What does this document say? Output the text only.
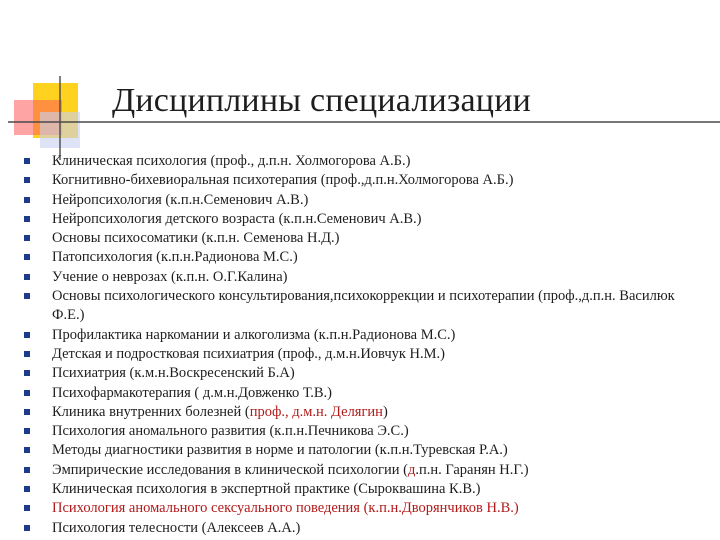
Дисциплины специализации
Клиническая психология (проф., д.п.н. Холмогорова А.Б.)
Когнитивно-бихевиоральная психотерапия (проф.,д.п.н.Холмогорова А.Б.)
Нейропсихология (к.п.н.Семенович А.В.)
Нейропсихология детского возраста (к.п.н.Семенович А.В.)
Основы психосоматики (к.п.н. Семенова Н.Д.)
Патопсихология (к.п.н.Радионова М.С.)
Учение о неврозах (к.п.н. О.Г.Калина)
Основы психологического консультирования,психокоррекции и психотерапии (проф.,д.п.н. Василюк Ф.Е.)
Профилактика наркомании и алкоголизма (к.п.н.Радионова М.С.)
Детская и подростковая психиатрия (проф., д.м.н.Иовчук Н.М.)
Психиатрия (к.м.н.Воскресенский Б.А)
Психофармакотерапия ( д.м.н.Довженко Т.В.)
Клиника внутренних болезней (проф., д.м.н. Делягин)
Психология аномального развития (к.п.н.Печникова Э.С.)
Методы диагностики развития в норме и патологии (к.п.н.Туревская Р.А.)
Эмпирические исследования в клинической психологии (д.п.н. Гаранян Н.Г.)
Клиническая психология в экспертной практике (Сыроквашина К.В.)
Психология аномального сексуального поведения (к.п.н.Дворянчиков Н.В.)
Психология телесности (Алексеев А.А.)
